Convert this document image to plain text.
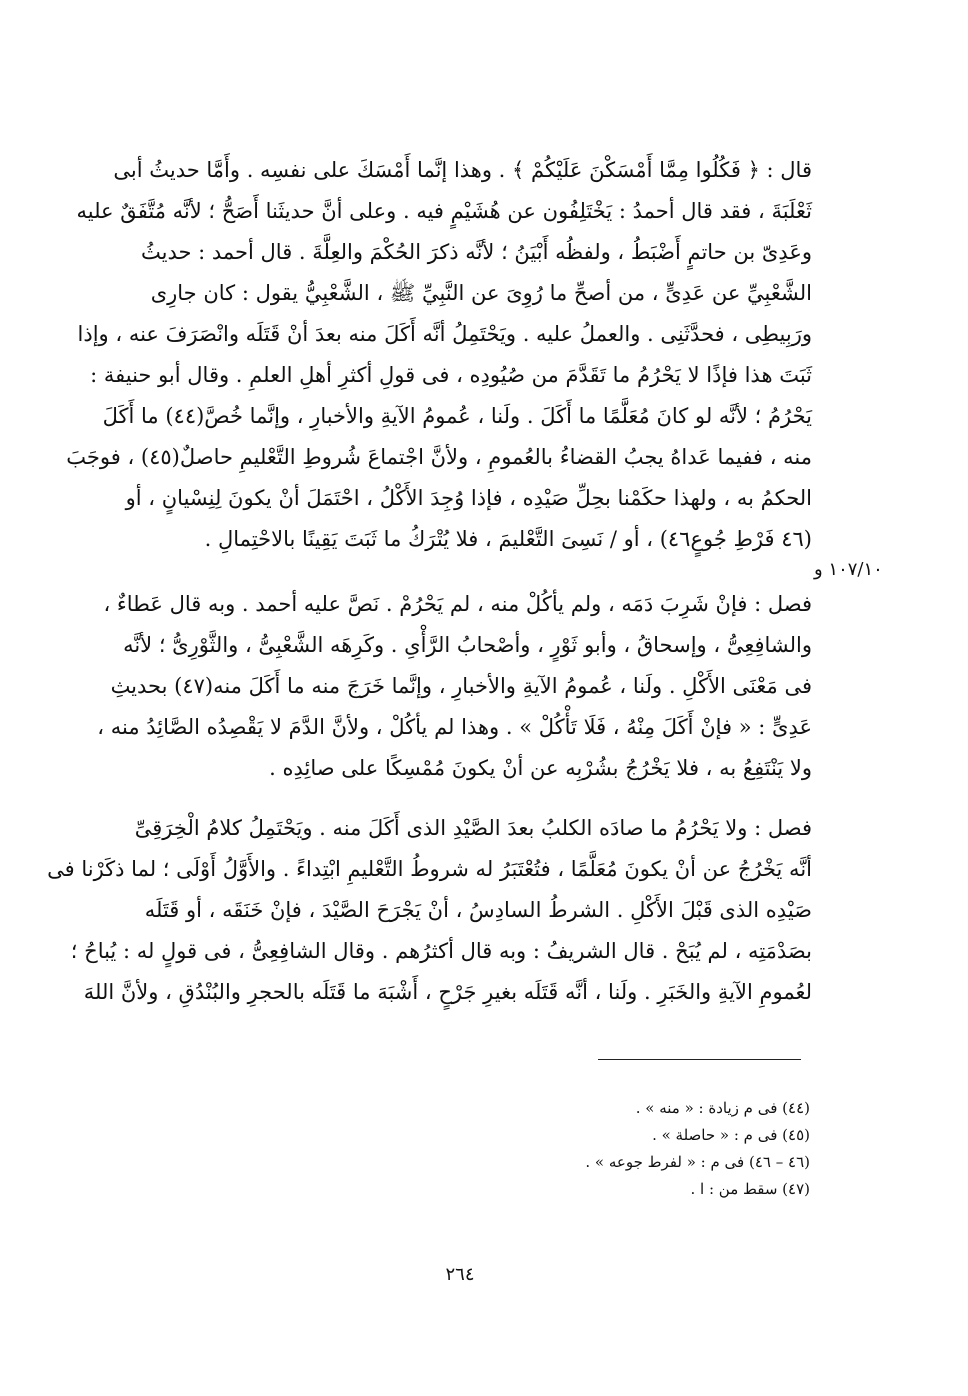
قال : ﴿ فَكُلُوا مِمَّا أَمْسَكْنَ عَلَيْكُمْ ﴾ . وهذا إنَّما أَمْسَكَ على نفسِه . وأَمَّا حديثُ أبى
ثَعْلَبَةَ ، فقد قال أحمدُ : يَخْتَلِفُون عن هُشَيْمٍ فيه . وعلى أنَّ حديثَنا أَصَحُّ ؛ لأنَّه مُتَّفَقٌ عليه
وعَدِىّ بن حاتمٍ أَضْبَطُ ، ولفظُه أَبْيَنُ ؛ لأنَّه ذكرَ الحُكْمَ والعِلَّةَ . قال أحمد : حديثُ
الشَّعْبِيِّ عن عَدِىٍّ ، من أصحِّ ما رُوِىَ عن النَّبِيِّ ﷺ ، الشَّعْبِيُّ يقول : كان جارِى
ورَبِيطِى ، فحدَّثَنِى . والعملُ عليه . ويَحْتَمِلُ أنَّه أَكَلَ منه بعدَ أنْ قَتَلَه وانْصَرَفَ عنه ، وإذا
ثَبَتَ هذا فإذًا لا يَحْرُمُ ما تَقَدَّمَ من صُيُودِه ، فى قولِ أكثرِ أهلِ العلمِ . وقال أبو حنيفة :
يَحْرُمُ ؛ لأنَّه لو كانَ مُعَلَّمًا ما أَكَلَ . ولَنا ، عُمومُ الآيةِ والأخبارِ ، وإنَّما خُصَّ(٤٤) ما أَكَلَ
منه ، ففيما عَداهُ يجبُ القضاءُ بالعُمومِ ، ولأنَّ اجْتماعَ شُروطِ التَّعْليمِ حاصلٌ(٤٥) ، فوجَبَ
الحكمُ به ، ولهذا حكَمْنا بحِلِّ صَيْدِه ، فإذا وُجِدَ الأَكْلُ ، احْتَمَلَ أنْ يكونَ لِنِسْيانٍ ، أو
(٤٦ فَرْطِ جُوعٍ٤٦) ، أو / نَسِىَ التَّعْليمَ ، فلا يُتْرَكُ ما ثَبَتَ يَقِينًا بالاحْتِمالِ .
١٠٧/١٠ و
فصل : فإنْ شَرِبَ دَمَه ، ولم يأكُلْ منه ، لم يَحْرُمْ . نَصَّ عليه أحمد . وبه قال عَطاءٌ ،
والشافِعِىُّ ، وإسحاقُ ، وأبو ثَوْرٍ ، وأصْحابُ الرَّأْىِ . وكَرِهَه الشَّعْبِىُّ ، والثَّوْرِىُّ ؛ لأنَّه
فى مَعْنَى الأَكْلِ . ولَنا ، عُمومُ الآيةِ والأخبارِ ، وإنَّما خَرَجَ منه ما أَكَلَ منه(٤٧) بحديثِ
عَدِىٍّ : « فإنْ أَكَلَ مِنْهُ ، فَلَا تَأْكُلْ » . وهذا لم يأكُلْ ، ولأنَّ الدَّمَ لا يَقْصِدُه الصَّائِدُ منه ،
ولا يَنْتَفِعُ به ، فلا يَخْرُجُ بشُرْبِه عن أنْ يكونَ مُمْسِكًا على صائِدِه .
فصل : ولا يَحْرُمُ ما صادَه الكلبُ بعدَ الصَّيْدِ الذى أَكَلَ منه . ويَحْتَمِلُ كلامُ الْخِرَقِىِّ
أنَّه يَخْرُجُ عن أنْ يكونَ مُعَلَّمًا ، فتُعْتَبَرُ له شروطُ التَّعْليمِ ابْتِداءً . والأَوَّلُ أَوْلَى ؛ لما ذكَرْنا فى
صَيْدِه الذى قَبْلَ الأَكْلِ . الشرطُ السادِسُ ، أنْ يَجْرَحَ الصَّيْدَ ، فإنْ خَنَقَه ، أو قَتَلَه
بصَدْمَتِه ، لم يُبَحْ . قال الشريفُ : وبه قال أكثرُهم . وقال الشافِعِىُّ ، فى قولٍ له : يُباحُ ؛
لعُمومِ الآيةِ والخَبَرِ . ولَنا ، أنَّه قَتَلَه بغيرِ جَرْحٍ ، أَشْبَهَ ما قَتَلَه بالحجرِ والبُنْدُقِ ، ولأنَّ اللهَ
(٤٤) فى م زيادة : « منه » .
(٤٥) فى م : « حاصلة » .
(٤٦ – ٤٦) فى م : « لفرط جوعه » .
(٤٧) سقط من : ا .
٢٦٤
